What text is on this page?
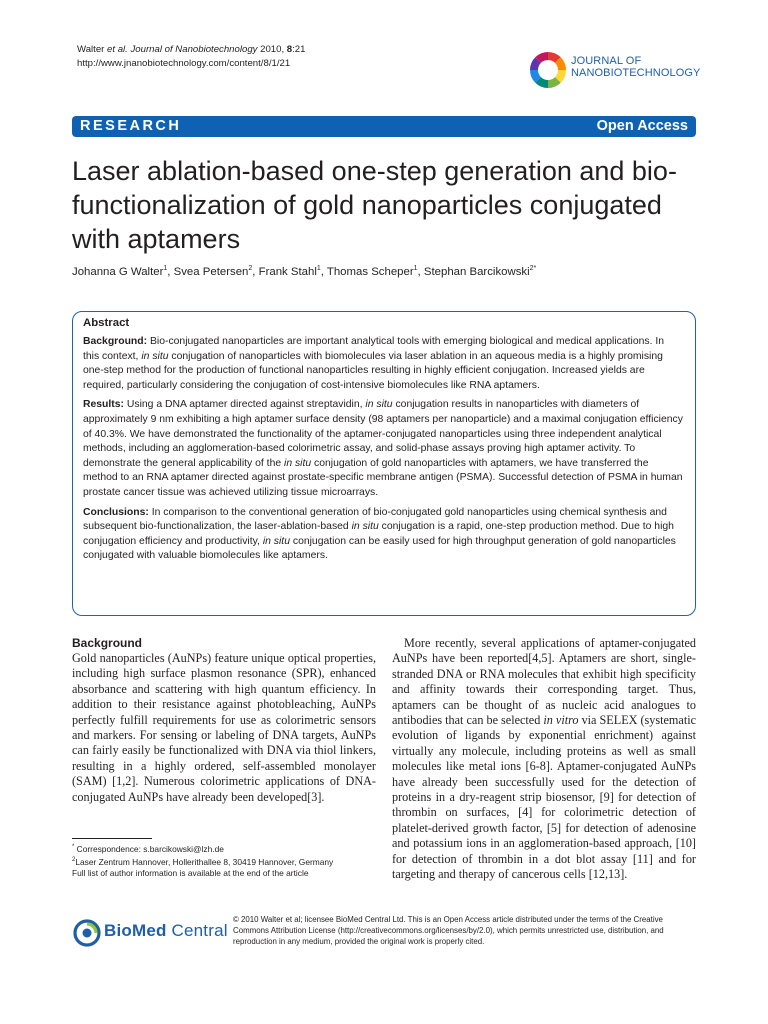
Walter et al. Journal of Nanobiotechnology 2010, 8:21
http://www.jnanobiotechnology.com/content/8/1/21	JOURNAL OF
NANOBIOTECHNOLOGY
RESEARCH	Open Access
Laser ablation-based one-step generation and bio-functionalization of gold nanoparticles conjugated with aptamers
Johanna G Walter$^1$, Svea Petersen$^2$, Frank Stahl$^1$, Thomas Scheper$^1$, Stephan Barcikowski$^{2*}$
Abstract

Background: Bio-conjugated nanoparticles are important analytical tools with emerging biological and medical applications. In this context, in situ conjugation of nanoparticles with biomolecules via laser ablation in an aqueous media is a highly promising one-step method for the production of functional nanoparticles resulting in highly efficient conjugation. Increased yields are required, particularly considering the conjugation of cost-intensive biomolecules like RNA aptamers.

Results: Using a DNA aptamer directed against streptavidin, in situ conjugation results in nanoparticles with diameters of approximately 9 nm exhibiting a high aptamer surface density (98 aptamers per nanoparticle) and a maximal conjugation efficiency of 40.3%. We have demonstrated the functionality of the aptamer-conjugated nanoparticles using three independent analytical methods, including an agglomeration-based colorimetric assay, and solid-phase assays proving high aptamer activity. To demonstrate the general applicability of the in situ conjugation of gold nanoparticles with aptamers, we have transferred the method to an RNA aptamer directed against prostate-specific membrane antigen (PSMA). Successful detection of PSMA in human prostate cancer tissue was achieved utilizing tissue microarrays.

Conclusions: In comparison to the conventional generation of bio-conjugated gold nanoparticles using chemical synthesis and subsequent bio-functionalization, the laser-ablation-based in situ conjugation is a rapid, one-step production method. Due to high conjugation efficiency and productivity, in situ conjugation can be easily used for high throughput generation of gold nanoparticles conjugated with valuable biomolecules like aptamers.

Background

Gold nanoparticles (AuNPs) feature unique optical properties, including high surface plasmon resonance (SPR), enhanced absorbance and scattering with high quantum efficiency. In addition to their resistance against photobleaching, AuNPs perfectly fulfill requirements for use as colorimetric sensors and markers. For sensing or labeling of DNA targets, AuNPs can fairly easily be functionalized with DNA via thiol linkers, resulting in a highly ordered, self-assembled monolayer (SAM) [1,2]. Numerous colorimetric applications of DNA-conjugated AuNPs have already been developed[3].

More recently, several applications of aptamer-conjugated AuNPs have been reported[4,5]. Aptamers are short, single-stranded DNA or RNA molecules that exhibit high specificity and affinity towards their corresponding target. Thus, aptamers can be thought of as nucleic acid analogues to antibodies that can be selected in vitro via SELEX (systematic evolution of ligands by exponential enrichment) against virtually any molecule, including proteins as well as small molecules like metal ions [6-8]. Aptamer-conjugated AuNPs have already been successfully used for the detection of proteins in a dry-reagent strip biosensor, [9] for detection of thrombin on surfaces, [4] for colorimetric detection of platelet-derived growth factor, [5] for detection of adenosine and potassium ions in an agglomeration-based approach, [10] for detection of thrombin in a dot blot assay [11] and for targeting and therapy of cancerous cells [12,13].

* Correspondence: s.barcikowski@lzh.de
$^2$Laser Zentrum Hannover, Hollerithallee 8, 30419 Hannover, Germany
Full list of author information is available at the end of the article
BioMed Central
© 2010 Walter et al; licensee BioMed Central Ltd. This is an Open Access article distributed under the terms of the Creative Commons Attribution License (http://creativecommons.org/licenses/by/2.0), which permits unrestricted use, distribution, and reproduction in any medium, provided the original work is properly cited.
